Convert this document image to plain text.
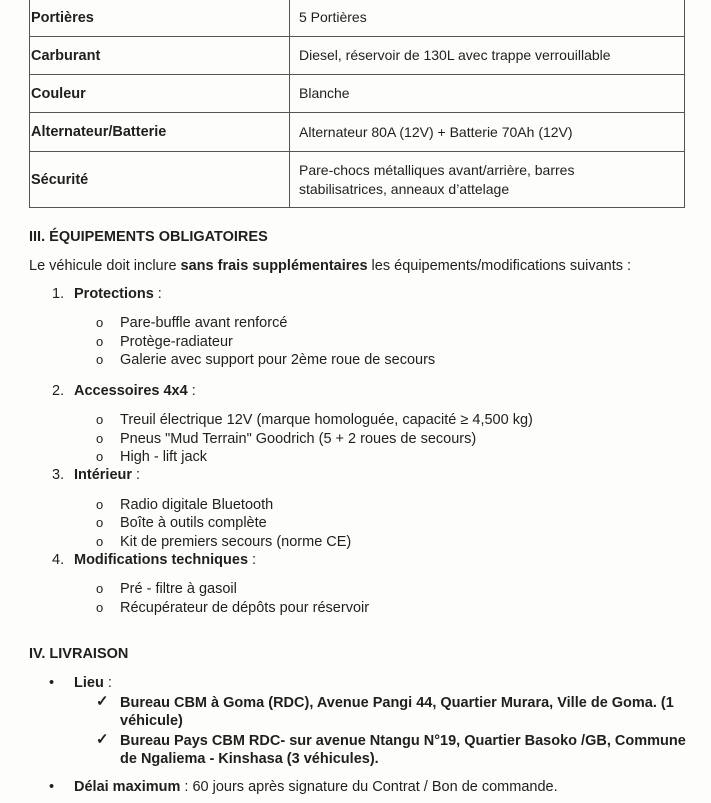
Portières	5 Portières
Carburant	Diesel, réservoir de 130L avec trappe verrouillable
Couleur	Blanche
Alternateur/Batterie	Alternateur 80A (12V) + Batterie 70Ah (12V)
Sécurité	Pare-chocs métalliques avant/arrière, barres
stabilisatrices, anneaux d’attelage
III. ÉQUIPEMENTS OBLIGATOIRES
Le véhicule doit inclure sans frais supplémentaires les équipements/modifications suivants :
1. Protections :
o Pare-buffle avant renforcé
o Protège-radiateur
o Galerie avec support pour 2ème roue de secours
2. Accessoires 4x4 :
o Treuil électrique 12V (marque homologuée, capacité ≥ 4,500 kg)
o Pneus "Mud Terrain" Goodrich (5 + 2 roues de secours)
o High - lift jack
3. Intérieur :
o Radio digitale Bluetooth
o Boîte à outils complète
o Kit de premiers secours (norme CE)
4. Modifications techniques :
o Pré - filtre à gasoil
o Récupérateur de dépôts pour réservoir
IV. LIVRAISON
• Lieu :
✓ Bureau CBM à Goma (RDC), Avenue Pangi 44, Quartier Murara, Ville de Goma. (1
véhicule)
✓ Bureau Pays CBM RDC- sur avenue Ntangu N°19, Quartier Basoko /GB, Commune
de Ngaliema - Kinshasa (3 véhicules).
• Délai maximum : 60 jours après signature du Contrat / Bon de commande.
